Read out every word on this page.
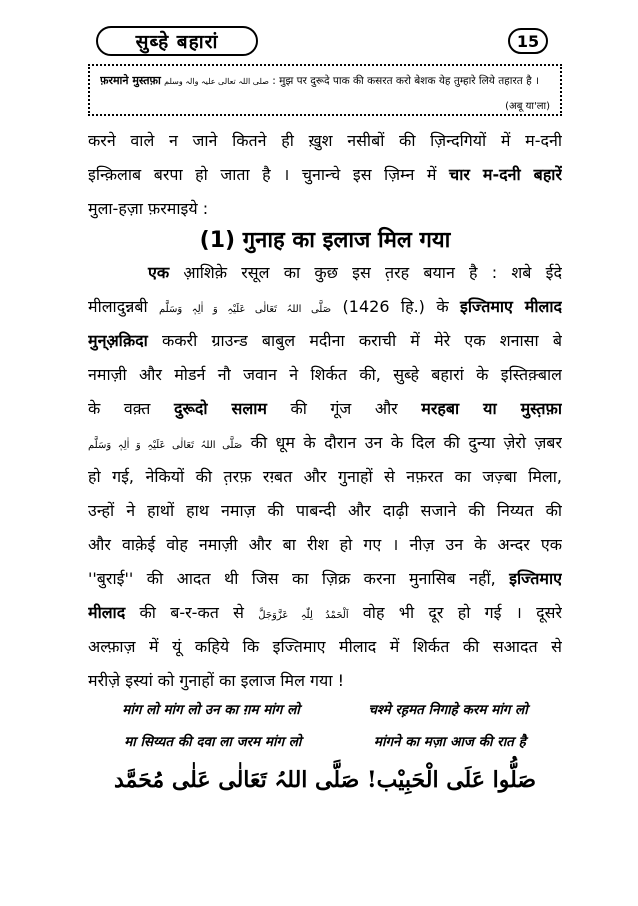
सुब्हे बहारां	15
फ़रमाने मुस्तफ़ा صلی اللہ تعالی علیہ والہ وسلم : मुझ पर दुरूदे पाक की कसरत करो बेशक येह तुम्हारे लिये तहारत है ।
(अबू या'ला)
करने वाले न जाने कितने ही ख़ुश नसीबों की ज़िन्दगियों में म-दनी
इन्क़िलाब बरपा हो जाता है । चुनान्चे इस ज़िम्न में चार म-दनी बहारें
मुला-हज़ा फ़रमाइये :
(1) गुनाह का इलाज मिल गया
एक आ़शिक़े रसूल का कुछ इस त़रह बयान है : शबे ईदे
मीलादुन्नबी صَلَّی اللہُ تَعَالٰی عَلَیْہِ وَ اٰلِہٖ وَسَلَّم (1426 हि.) के इज्तिमाए मीलाद
मुन्अ़क़िदा ककरी ग्राउन्ड बाबुल मदीना कराची में मेरे एक शनासा बे
नमाज़ी और मोडर्न नौ जवान ने शिर्कत की, सुब्हे बहारां के इस्तिक़्बाल
के वक़्त दुरूदो सलाम की गूंज और मरहबा या मुस्त़फ़ा
صَلَّی اللہُ تَعَالٰی عَلَیْہِ وَ اٰلِہٖ وَسَلَّم की धूम के दौरान उन के दिल की दुन्या ज़ेरो ज़बर
हो गई, नेकियों की त़रफ़ रग़्बत और गुनाहों से नफ़रत का जज़्बा मिला,
उन्हों ने हाथों हाथ नमाज़ की पाबन्दी और दाढ़ी सजाने की निय्यत की
और वाक़ेई वोह नमाज़ी और बा रीश हो गए । नीज़ उन के अन्दर एक
''बुराई'' की आदत थी जिस का ज़िक्र करना मुनासिब नहीं, इज्तिमाए
मीलाद की ब-र-कत से اَلْحَمْدُ لِلّٰہِ عَزَّوَجَلَّ वोह भी दूर हो गई । दूसरे
अल्फ़ाज़ में यूं कहिये कि इज्तिमाए मीलाद में शिर्कत की सआदत से
मरीज़े इस्यां को गुनाहों का इलाज मिल गया !
मांग लो मांग लो उन का ग़म मांग लो	चश्मे रह़मत निगाहे करम मांग लो
मा सिय्यत की दवा ला जरम मांग लो	मांगने का मज़ा आज की रात है
صَلُّوا عَلَی الْحَبِیْب! صَلَّی اللہُ تَعَالٰی عَلٰی مُحَمَّد
